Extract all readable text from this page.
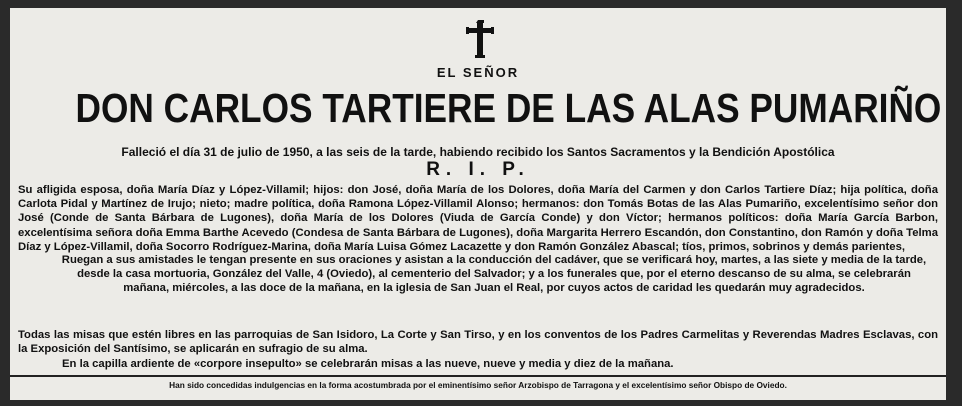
EL SEÑOR
DON CARLOS TARTIERE DE LAS ALAS PUMARIÑO
Falleció el día 31 de julio de 1950, a las seis de la tarde, habiendo recibido los Santos Sacramentos y la Bendición Apostólica
R. I. P.
Su afligida esposa, doña María Díaz y López-Villamil; hijos: don José, doña María de los Dolores, doña María del Carmen y don Carlos Tartiere Díaz; hija política, doña Carlota Pidal y Martínez de Irujo; nieto; madre política, doña Ramona López-Villamil Alonso; hermanos: don Tomás Botas de las Alas Pumariño, excelentísimo señor don José (Conde de Santa Bárbara de Lugones), doña María de los Dolores (Viuda de García Conde) y don Víctor; hermanos políticos: doña María García Barbon, excelentísima señora doña Emma Barthe Acevedo (Condesa de Santa Bárbara de Lugones), doña Margarita Herrero Escandón, don Constantino, don Ramón y doña Telma Díaz y López-Villamil, doña Socorro Rodríguez-Marina, doña María Luisa Gómez Lacazette y don Ramón González Abascal; tíos, primos, sobrinos y demás parientes,
Ruegan a sus amistades le tengan presente en sus oraciones y asistan a la conducción del cadáver, que se verificará hoy, martes, a las siete y media de la tarde, desde la casa mortuoria, González del Valle, 4 (Oviedo), al cementerio del Salvador; y a los funerales que, por el eterno descanso de su alma, se celebrarán mañana, miércoles, a las doce de la mañana, en la iglesia de San Juan el Real, por cuyos actos de caridad les quedarán muy agradecidos.
Todas las misas que estén libres en las parroquias de San Isidoro, La Corte y San Tirso, y en los conventos de los Padres Carmelitas y Reverendas Madres Esclavas, con la Exposición del Santísimo, se aplicarán en sufragio de su alma.
En la capilla ardiente de «corpore insepulto» se celebrarán misas a las nueve, nueve y media y diez de la mañana.
Han sido concedidas indulgencias en la forma acostumbrada por el eminentísimo señor Arzobispo de Tarragona y el excelentísimo señor Obispo de Oviedo.
